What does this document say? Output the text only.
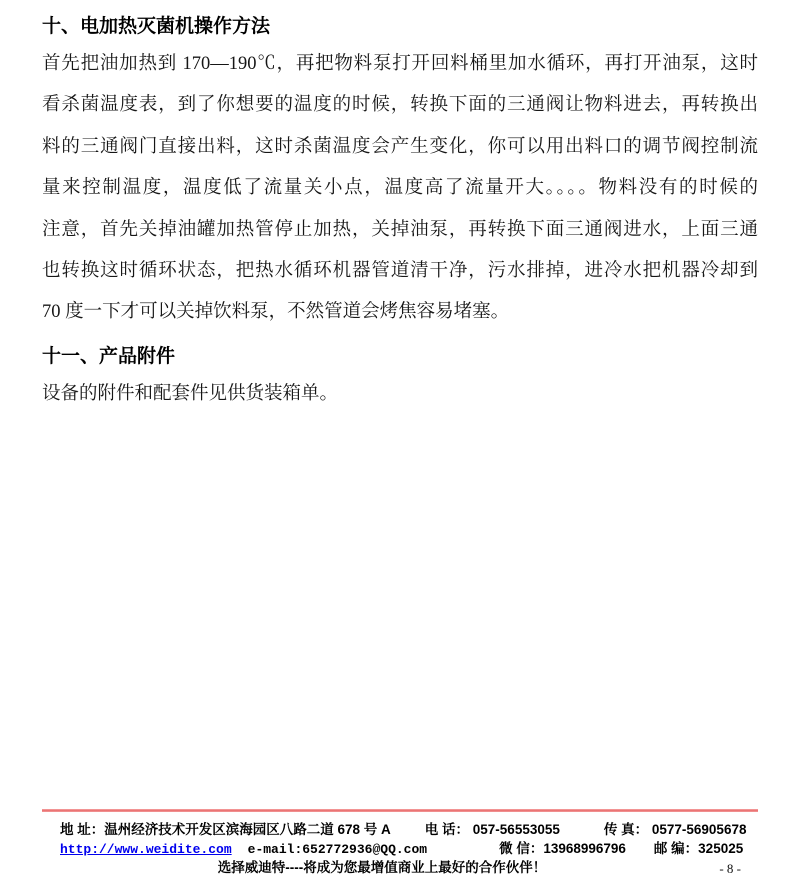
十、电加热灭菌机操作方法
首先把油加热到 170—190℃，再把物料泵打开回料桶里加水循环，再打开油泵，这时
看杀菌温度表，到了你想要的温度的时候，转换下面的三通阀让物料进去，再转换出
料的三通阀门直接出料，这时杀菌温度会产生变化，你可以用出料口的调节阀控制流
量来控制温度，温度低了流量关小点，温度高了流量开大。。。。物料没有的时候的
注意，首先关掉油罐加热管停止加热，关掉油泵，再转换下面三通阀进水，上面三通
也转换这时循环状态，把热水循环机器管道清干净，污水排掉，进冷水把机器冷却到
70 度一下才可以关掉饮料泵，不然管道会烤焦容易堵塞。
十一、产品附件
设备的附件和配套件见供货装箱单。
地 址：温州经济技术开发区滨海园区八路二道 678 号 A	电 话： 057-56553055	传 真： 0577-56905678
http://www.weidite.com e-mail:652772936@QQ.com	微 信：13968996796 邮 编：325025
选择威迪特----将成为您最增值商业上最好的合作伙伴！	- 8 -
